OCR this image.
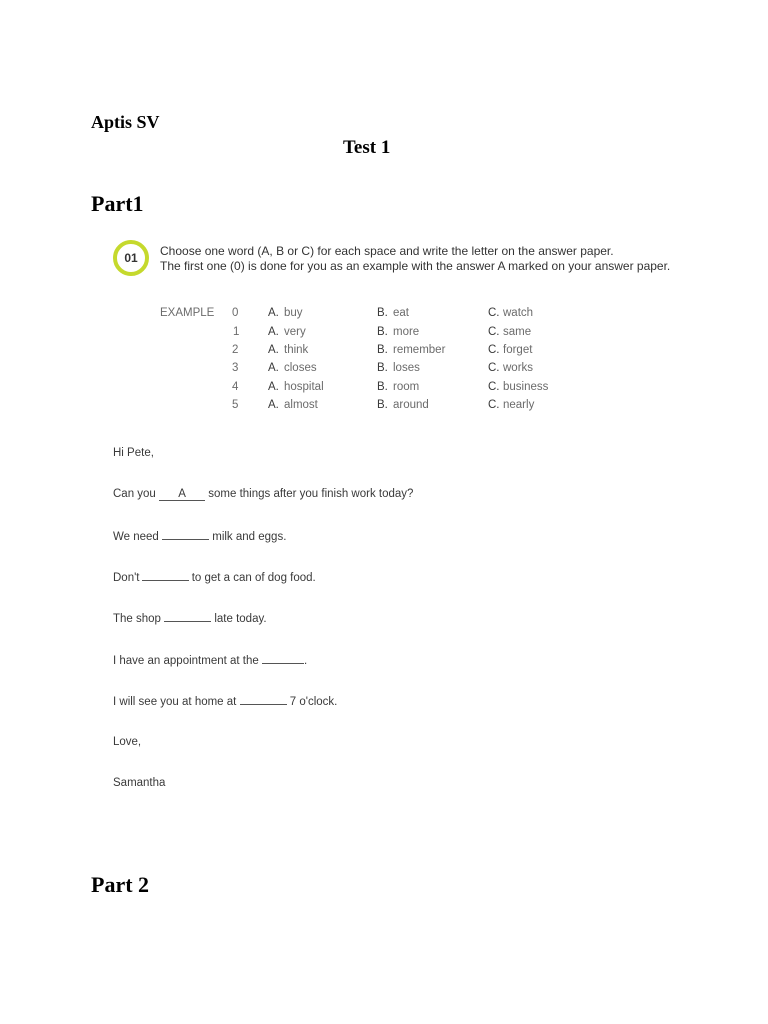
Aptis SV
Test 1
Part1
01	Choose one word (A, B or C) for each space and write the letter on the answer paper.
The first one (0) is done for you as an example with the answer A marked on your answer paper.
EXAMPLE 0	A. buy	B. eat	C. watch
1 A. very	B. more	C. same
2	A. think	B. remember	C. forget
3	A. closes	B. loses	C. works
4	A. hospital	B. room	C. business
5	A. almost	B. around	C. nearly
Hi Pete,
Can you A some things after you finish work today?
We need	milk and eggs.
Don't	to get a can of dog food.
The shop	late today.
I have an appointment at the	.
I will see you at home at	7 o'clock.
Love,
Samantha
Part 2
